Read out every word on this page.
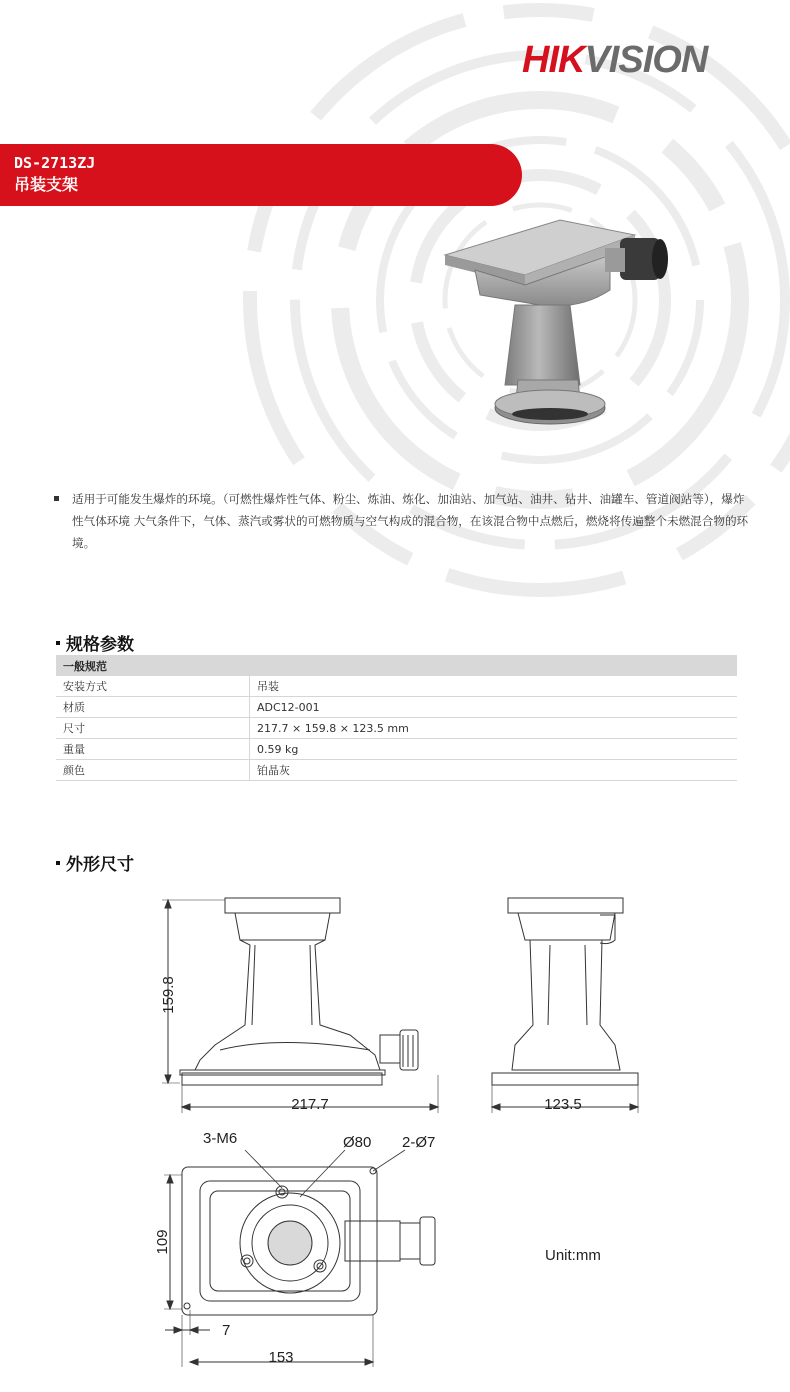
HIKVISION
DS-2713ZJ
吊装支架
适用于可能发生爆炸的环境。（可燃性爆炸性气体、粉尘、炼油、炼化、加油站、加气站、油井、钻井、油罐车、管道阀站等），爆炸性气体环境 大气条件下，气体、蒸汽或雾状的可燃物质与空气构成的混合物，在该混合物中点燃后，燃烧将传遍整个未燃混合物的环境。
规格参数
一般规范	
安装方式	吊装
材质	ADC12-001
尺寸	217.7 × 159.8 × 123.5 mm
重量	0.59 kg
颜色	铂晶灰
外形尺寸
159.8
217.7	123.5
3-M6	Ø80 2-Ø7
109
7
153
Unit:mm
